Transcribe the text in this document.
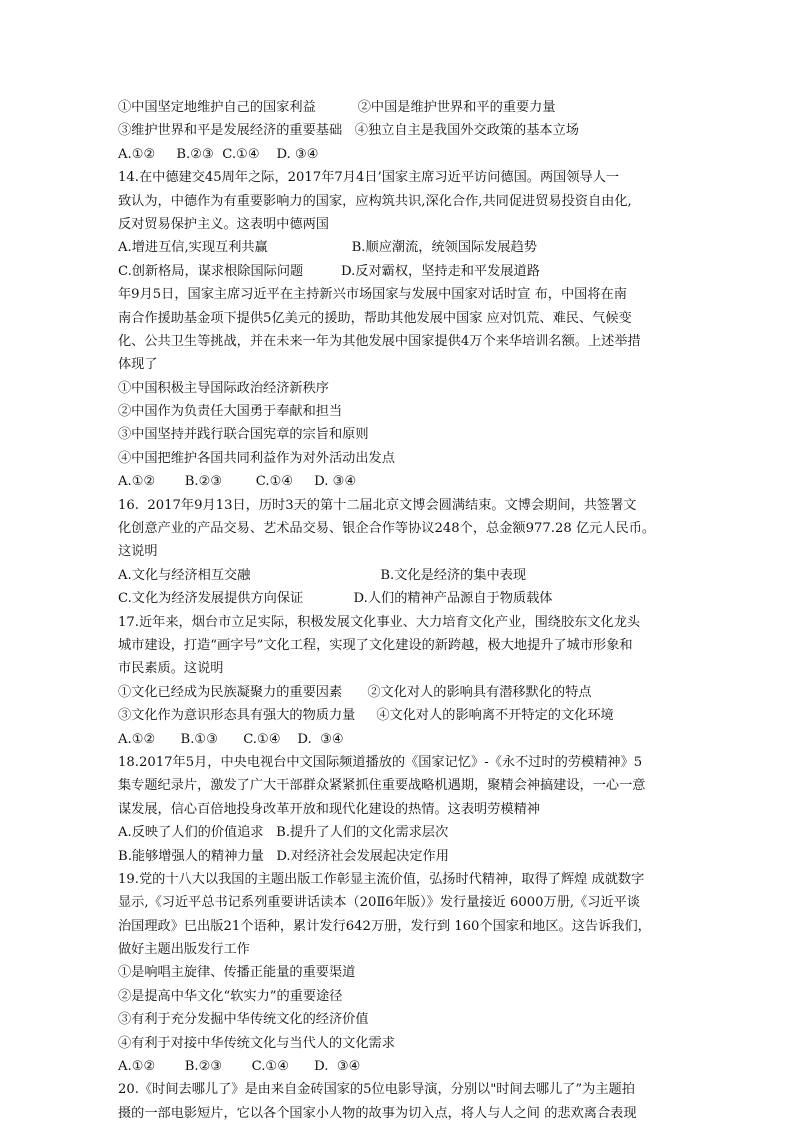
①中国坚定地维护自己的国家利益          ②中国是维护世界和平的重要力量
③维护世界和平是发展经济的重要基础   ④独立自主是我国外交政策的基本立场
A.①②     B.②③  C.①④    D. ③④
14.在中德建交45周年之际，2017年7月4日’国家主席习近平访问德国。两国领导人一
致认为，中德作为有重要影响力的国家，应构筑共识,深化合作,共同促进贸易投资自由化,
反对贸易保护主义。这表明中德两国
A.增进互信,实现互利共赢                    B.顺应潮流，统领国际发展趋势
C.创新格局，谋求根除国际问题         D.反对霸权，坚持走和平发展道路
年9月5日，国家主席习近平在主持新兴市场国家与发展中国家对话时宣 布，中国将在南
南合作援助基金项下提供5亿美元的援助，帮助其他发展中国家 应对饥荒、难民、气候变
化、公共卫生等挑战，并在未来一年为其他发展中国家提供4万个来华培训名额。上述举措
体现了
①中国积极主导国际政治经济新秩序
②中国作为负责任大国勇于奉献和担当
③中国坚持并践行联合国宪章的宗旨和原则
④中国把维护各国共同利益作为对外活动出发点
A.①②       B.②③        C.①④     D. ③④
16.  2017年9月13日，历时3天的第十二届北京文博会圆满结束。文博会期间，共签署文
化创意产业的产品交易、艺术品交易、银企合作等协议248个，总金额977.28 亿元人民币。
这说明
A.文化与经济相互交融                               B.文化是经济的集中表现
C.文化为经济发展提供方向保证            D.人们的精神产品源自于物质载体
17.近年来，烟台市立足实际，积极发展文化事业、大力培育文化产业，围绕胶东文化龙头
城市建设，打造“画字号”文化工程，实现了文化建设的新跨越，极大地提升了城市形象和
市民素质。这说明
①文化已经成为民族凝聚力的重要因素      ②文化对人的影响具有潜移默化的特点
③文化作为意识形态具有强大的物质力量     ④文化对人的影响离不开特定的文化环境
A.①②      B.①③      C.①④    D.  ③④
18.2017年5月，中央电视台中文国际频道播放的《国家记忆》-《永不过时的劳模精神》5
集专题纪录片，激发了广大干部群众紧紧抓住重要战略机遇期，聚精会神搞建设，一心一意
谋发展，信心百倍地投身改革开放和现代化建设的热情。这表明劳模精神
A.反映了人们的价值追求   B.提升了人们的文化需求层次
B.能够增强人的精神力量   D.对经济社会发展起决定作用
19.党的十八大以我国的主题出版工作彰显主流价值，弘扬时代精神，取得了辉煌 成就数字
显示,《习近平总书记系列重要讲话读本（20Ⅱ6年版）》发行量接近 6000万册,《习近平谈
治国理政》巳出版21个语种，累计发行642万册，发行到 160个国家和地区。这告诉我们，
做好主题出版发行工作
①是响唱主旋律、传播正能量的重要渠道
②是提高中华文化“软实力”的重要途径
③有利于充分发掘中华传统文化的经济价值
④有利于对接中华传统文化与当代人的文化需求
A.①②       B.②③       C.①④      D.  ③④
20.《时间去哪儿了》是由来自金砖国家的5位电影导演，分别以"时间去哪儿了”为主题拍
摄的一部电影短片，它以各个国家小人物的故事为切入点，将人与人之间 的悲欢离合表现
